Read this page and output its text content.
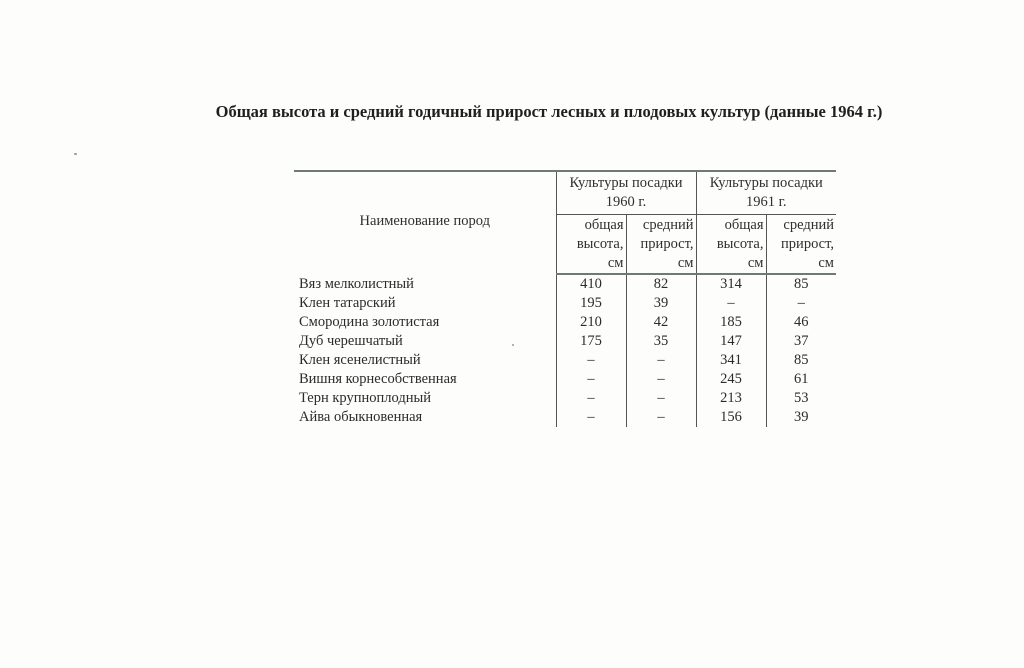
Общая высота и средний годичный прирост лесных и плодовых культур (данные 1964 г.)
Наименование пород	Культуры посадки 1960 г.		Культуры посадки 1961 г.	
	общая высота, см	средний прирост, см	общая высота, см	средний прирост, см
Вяз мелколистный	410	82	314	85
Клен татарский	195	39	–	–
Смородина золотистая	210	42	185	46
Дуб черешчатый	175	35	147	37
Клен ясенелистный	–	–	341	85
Вишня корнесобственная	–	–	245	61
Терн крупноплодный	–	–	213	53
Айва обыкновенная	–	–	156	39
